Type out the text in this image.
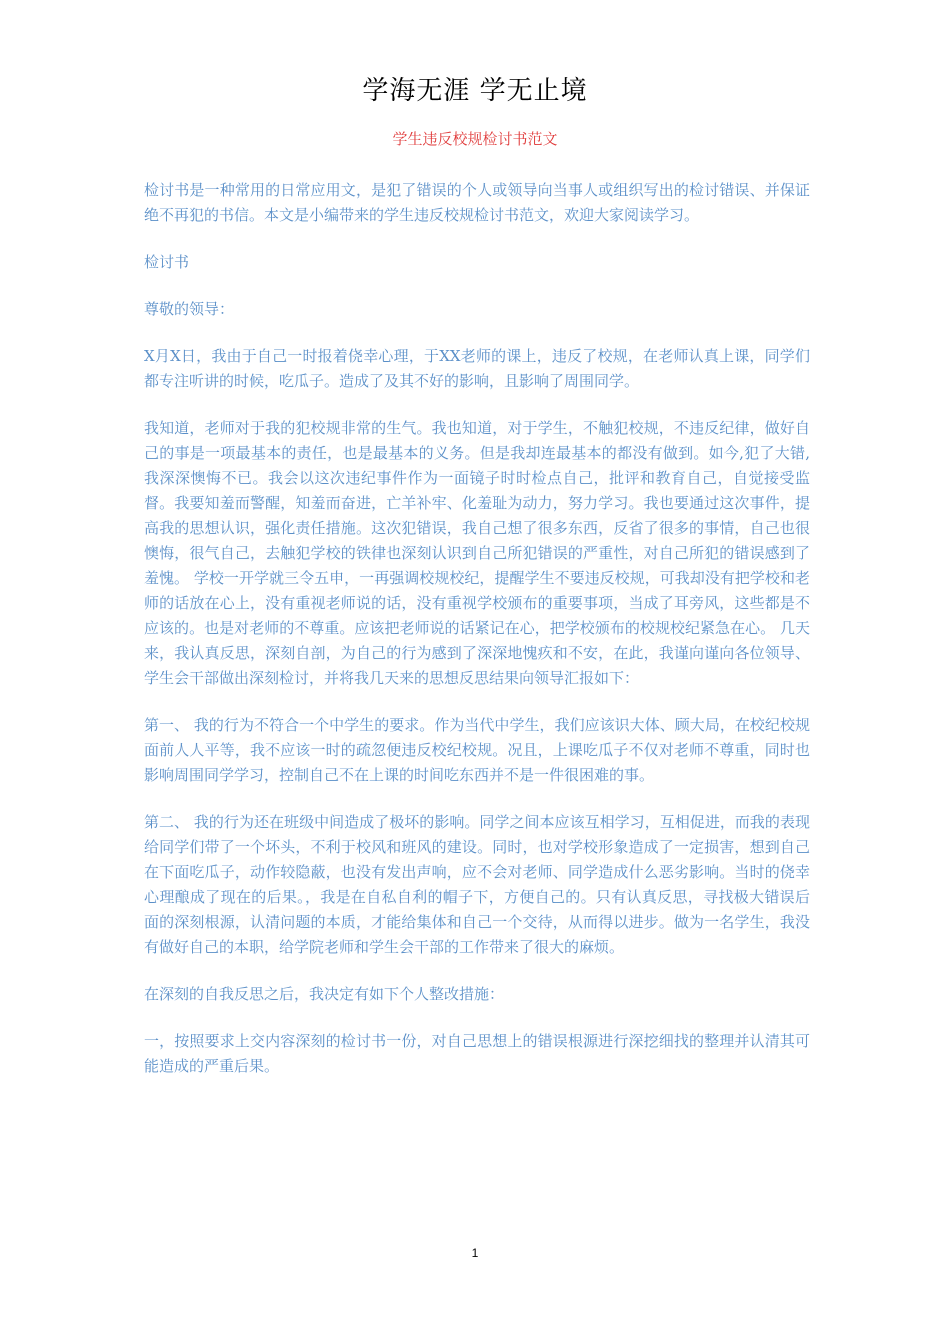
学海无涯 学无止境
学生违反校规检讨书范文

检讨书是一种常用的日常应用文，是犯了错误的个人或领导向当事人或组织写出的检讨错误、并保证绝不再犯的书信。本文是小编带来的学生违反校规检讨书范文，欢迎大家阅读学习。

检讨书

尊敬的领导：

X月X日，我由于自己一时报着侥幸心理，于XX老师的课上，违反了校规，在老师认真上课，同学们都专注听讲的时候，吃瓜子。造成了及其不好的影响，且影响了周围同学。

我知道，老师对于我的犯校规非常的生气。我也知道，对于学生，不触犯校规，不违反纪律，做好自己的事是一项最基本的责任，也是最基本的义务。但是我却连最基本的都没有做到。如今,犯了大错,我深深懊悔不已。我会以这次违纪事件作为一面镜子时时检点自己，批评和教育自己，自觉接受监督。我要知羞而警醒，知羞而奋进，亡羊补牢、化羞耻为动力，努力学习。我也要通过这次事件，提高我的思想认识，强化责任措施。这次犯错误，我自己想了很多东西，反省了很多的事情，自己也很懊悔，很气自己，去触犯学校的铁律也深刻认识到自己所犯错误的严重性，对自己所犯的错误感到了羞愧。 学校一开学就三令五申，一再强调校规校纪，提醒学生不要违反校规，可我却没有把学校和老师的话放在心上，没有重视老师说的话，没有重视学校颁布的重要事项，当成了耳旁风，这些都是不应该的。也是对老师的不尊重。应该把老师说的话紧记在心，把学校颁布的校规校纪紧急在心。 几天来，我认真反思，深刻自剖，为自己的行为感到了深深地愧疚和不安，在此，我谨向谨向各位领导、学生会干部做出深刻检讨，并将我几天来的思想反思结果向领导汇报如下：

第一、 我的行为不符合一个中学生的要求。作为当代中学生，我们应该识大体、顾大局，在校纪校规面前人人平等，我不应该一时的疏忽便违反校纪校规。况且，上课吃瓜子不仅对老师不尊重，同时也影响周围同学学习，控制自己不在上课的时间吃东西并不是一件很困难的事。

第二、 我的行为还在班级中间造成了极坏的影响。同学之间本应该互相学习，互相促进，而我的表现给同学们带了一个坏头，不利于校风和班风的建设。同时，也对学校形象造成了一定损害，想到自己在下面吃瓜子，动作较隐蔽，也没有发出声响，应不会对老师、同学造成什么恶劣影响。当时的侥幸心理酿成了现在的后果。，我是在自私自利的帽子下，方便自己的。只有认真反思，寻找极大错误后面的深刻根源，认清问题的本质，才能给集体和自己一个交待，从而得以进步。做为一名学生，我没有做好自己的本职，给学院老师和学生会干部的工作带来了很大的麻烦。

在深刻的自我反思之后，我决定有如下个人整改措施：

一，按照要求上交内容深刻的检讨书一份，对自己思想上的错误根源进行深挖细找的整理并认清其可能造成的严重后果。

1
